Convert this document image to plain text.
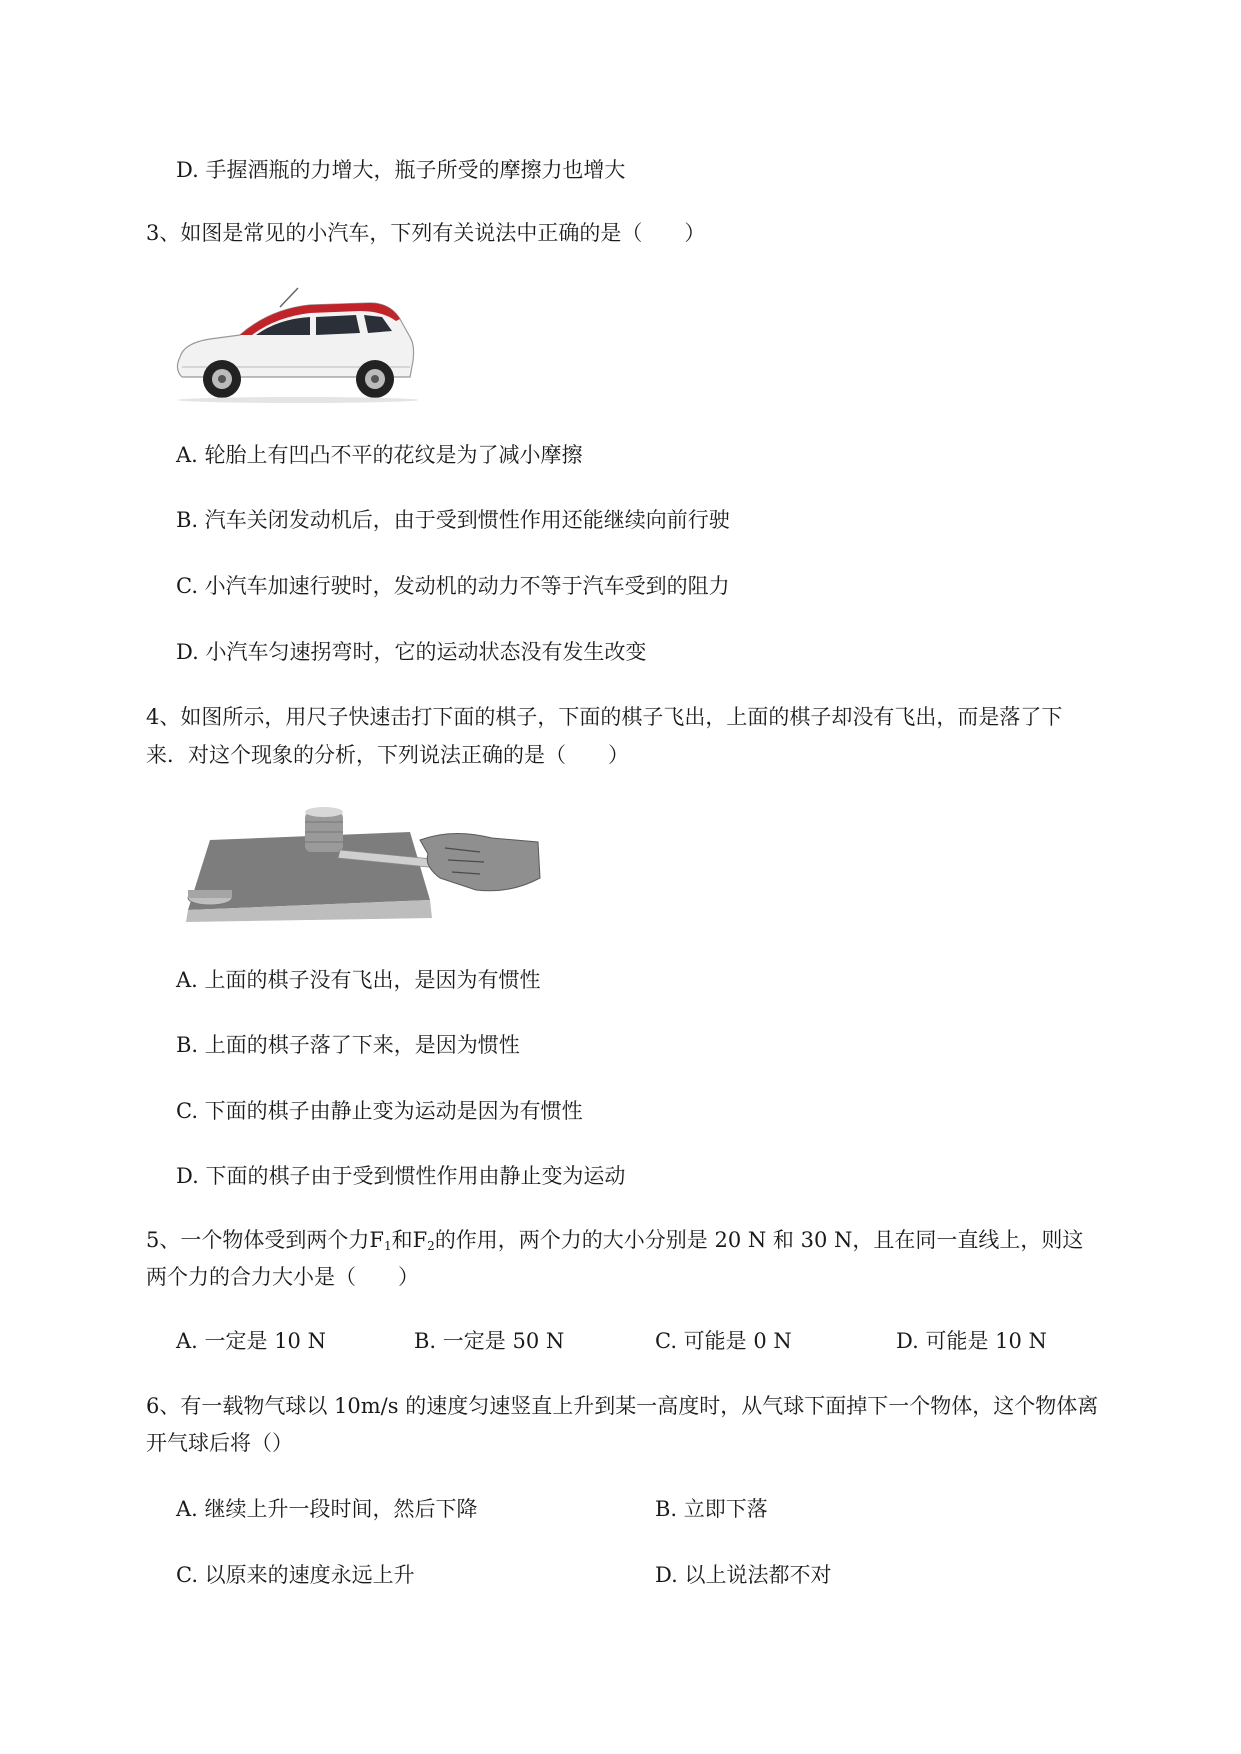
D. 手握酒瓶的力增大，瓶子所受的摩擦力也增大
3、如图是常见的小汽车，下列有关说法中正确的是（　　）
A. 轮胎上有凹凸不平的花纹是为了减小摩擦
B. 汽车关闭发动机后，由于受到惯性作用还能继续向前行驶
C. 小汽车加速行驶时，发动机的动力不等于汽车受到的阻力
D. 小汽车匀速拐弯时，它的运动状态没有发生改变
4、如图所示，用尺子快速击打下面的棋子，下面的棋子飞出，上面的棋子却没有飞出，而是落了下
来．对这个现象的分析，下列说法正确的是（　　）
A. 上面的棋子没有飞出，是因为有惯性
B. 上面的棋子落了下来，是因为惯性
C. 下面的棋子由静止变为运动是因为有惯性
D. 下面的棋子由于受到惯性作用由静止变为运动
5、一个物体受到两个力$F_1$和$F_2$的作用，两个力的大小分别是 20 N 和 30 N，且在同一直线上，则这
两个力的合力大小是（　　）
A. 一定是 10 N	B. 一定是 50 N	C. 可能是 0 N	D. 可能是 10 N
6、有一载物气球以 10m/s 的速度匀速竖直上升到某一高度时，从气球下面掉下一个物体，这个物体离
开气球后将（）
A. 继续上升一段时间，然后下降	B. 立即下落
C. 以原来的速度永远上升	D. 以上说法都不对
